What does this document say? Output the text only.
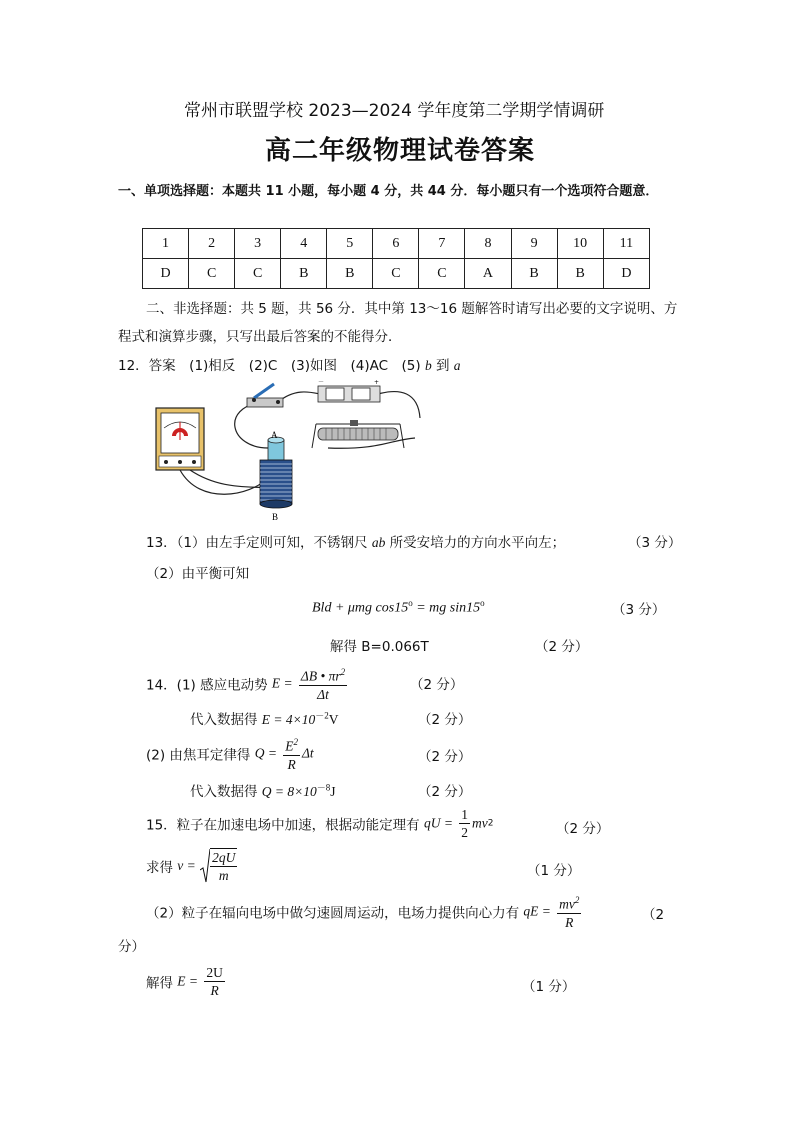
常州市联盟学校 2023—2024 学年度第二学期学情调研
高二年级物理试卷答案
一、单项选择题：本题共 11 小题，每小题 4 分，共 44 分．每小题只有一个选项符合题意．
1	2	3	4	5	6	7	8	9	10	11
D	C	C	B	B	C	C	A	B	B	D
二、非选择题：共 5 题，共 56 分．其中第 13～16 题解答时请写出必要的文字说明、方
程式和演算步骤，只写出最后答案的不能得分．
12．答案　(1)相反　(2)C　(3)如图　(4)AC　(5) b 到 a
－	+
A
B
13．（1）由左手定则可知，不锈钢尺 ab 所受安培力的方向水平向左；	（3 分）
（2）由平衡可知
Bld + μmg $\cos 15^o$ = mg sin15$^o$	（3 分）
解得 B=0.066T	（2 分）
14．(1) 感应电动势 $E = \frac{\Delta B • \pi r^2}{\Delta t}$	（2 分）
代入数据得 $E = 4\times 10^{-2}V$	（2 分）
(2) 由焦耳定律得 $Q = \frac{E^2}{R}$ Δt	（2 分）
代入数据得 $Q = 8\times 10^{-8}J$	（2 分）
15．粒子在加速电场中加速，根据动能定理有 qU = $\frac{1}{2} mv2$	（2 分）
求得 $v = \frac{2qU}{m}$	（1 分）
（2）粒子在辐向电场中做匀速圆周运动，电场力提供向心力有 qE = $\frac{mv^2}{R}$	（2
分）
解得 $E = \frac{2U}{R}$	（1 分）
